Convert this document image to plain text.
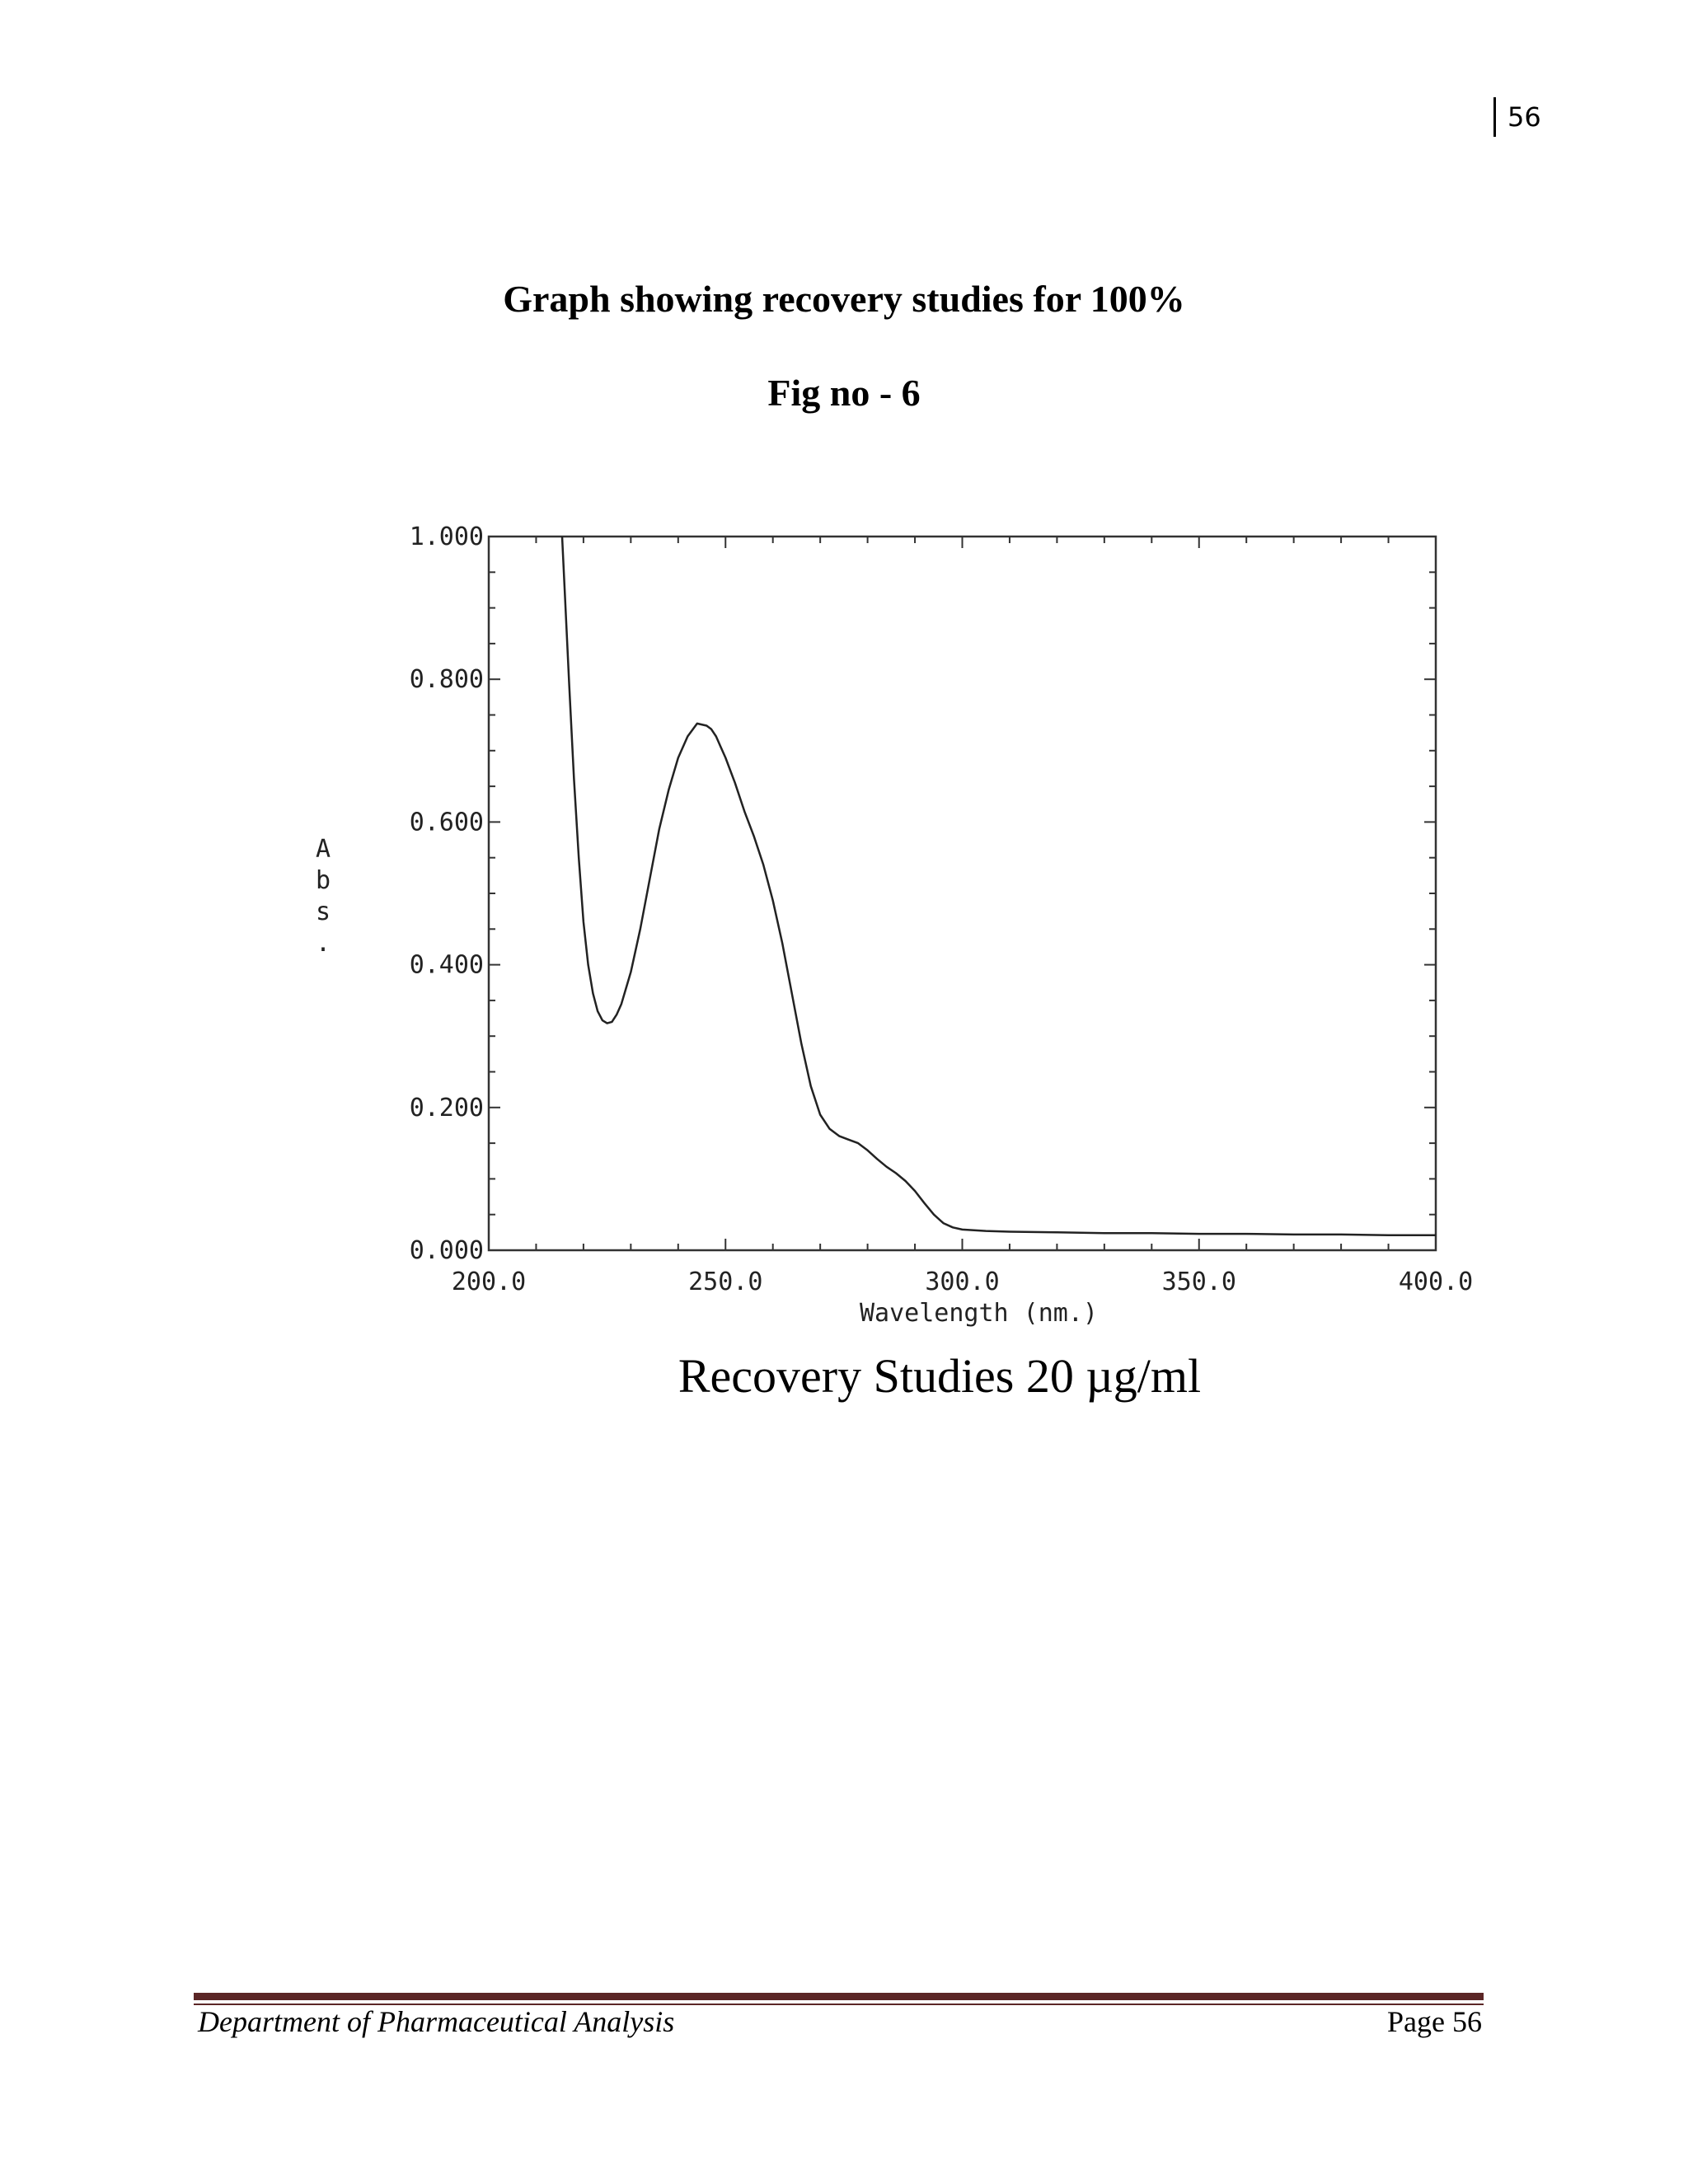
56
Graph showing recovery studies for 100%
Fig no - 6
200.0	250.0	300.0	350.0	400.0
0.000
0.200
0.400
0.600
0.800
1.000
Wavelength (nm.)
A b s .
Recovery Studies 20 µg/ml
Department of Pharmaceutical Analysis	Page 56
